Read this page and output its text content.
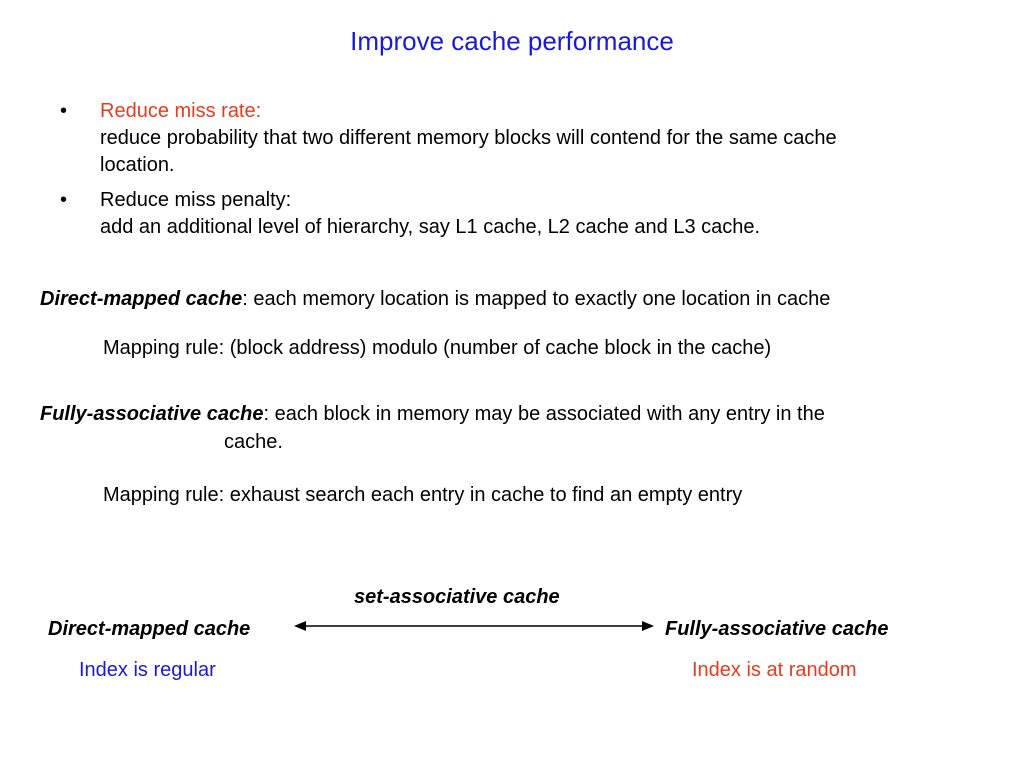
Improve cache performance
• Reduce miss rate:
reduce probability that two different memory blocks will contend for the same cache
location.
• Reduce miss penalty:
add an additional level of hierarchy, say L1 cache, L2 cache and L3 cache.
Direct-mapped cache: each memory location is mapped to exactly one location in cache
Mapping rule: (block address) modulo (number of cache block in the cache)
Fully-associative cache: each block in memory may be associated with any entry in the
cache.
Mapping rule: exhaust search each entry in cache to find an empty entry
set-associative cache
Direct-mapped cache	Fully-associative cache
Index is regular	Index is at random
